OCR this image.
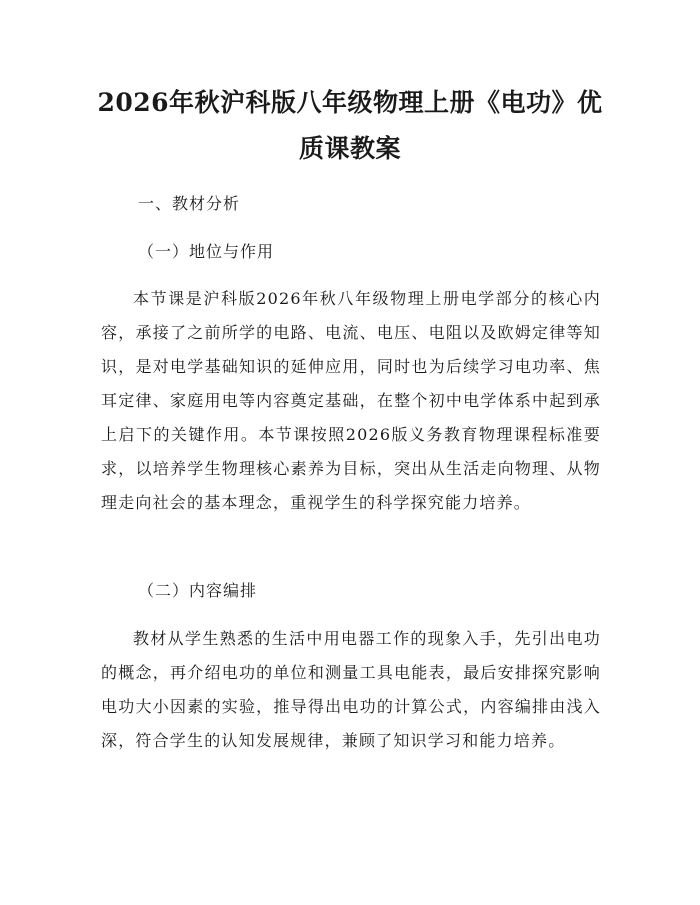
2026年秋沪科版八年级物理上册《电功》优
质课教案

一、教材分析

（一）地位与作用

本节课是沪科版2026年秋八年级物理上册电学部分的核心内容，承接了之前所学的电路、电流、电压、电阻以及欧姆定律等知识，是对电学基础知识的延伸应用，同时也为后续学习电功率、焦耳定律、家庭用电等内容奠定基础，在整个初中电学体系中起到承上启下的关键作用。本节课按照2026版义务教育物理课程标准要求，以培养学生物理核心素养为目标，突出从生活走向物理、从物理走向社会的基本理念，重视学生的科学探究能力培养。

（二）内容编排

教材从学生熟悉的生活中用电器工作的现象入手，先引出电功的概念，再介绍电功的单位和测量工具电能表，最后安排探究影响电功大小因素的实验，推导得出电功的计算公式，内容编排由浅入深，符合学生的认知发展规律，兼顾了知识学习和能力培养。
